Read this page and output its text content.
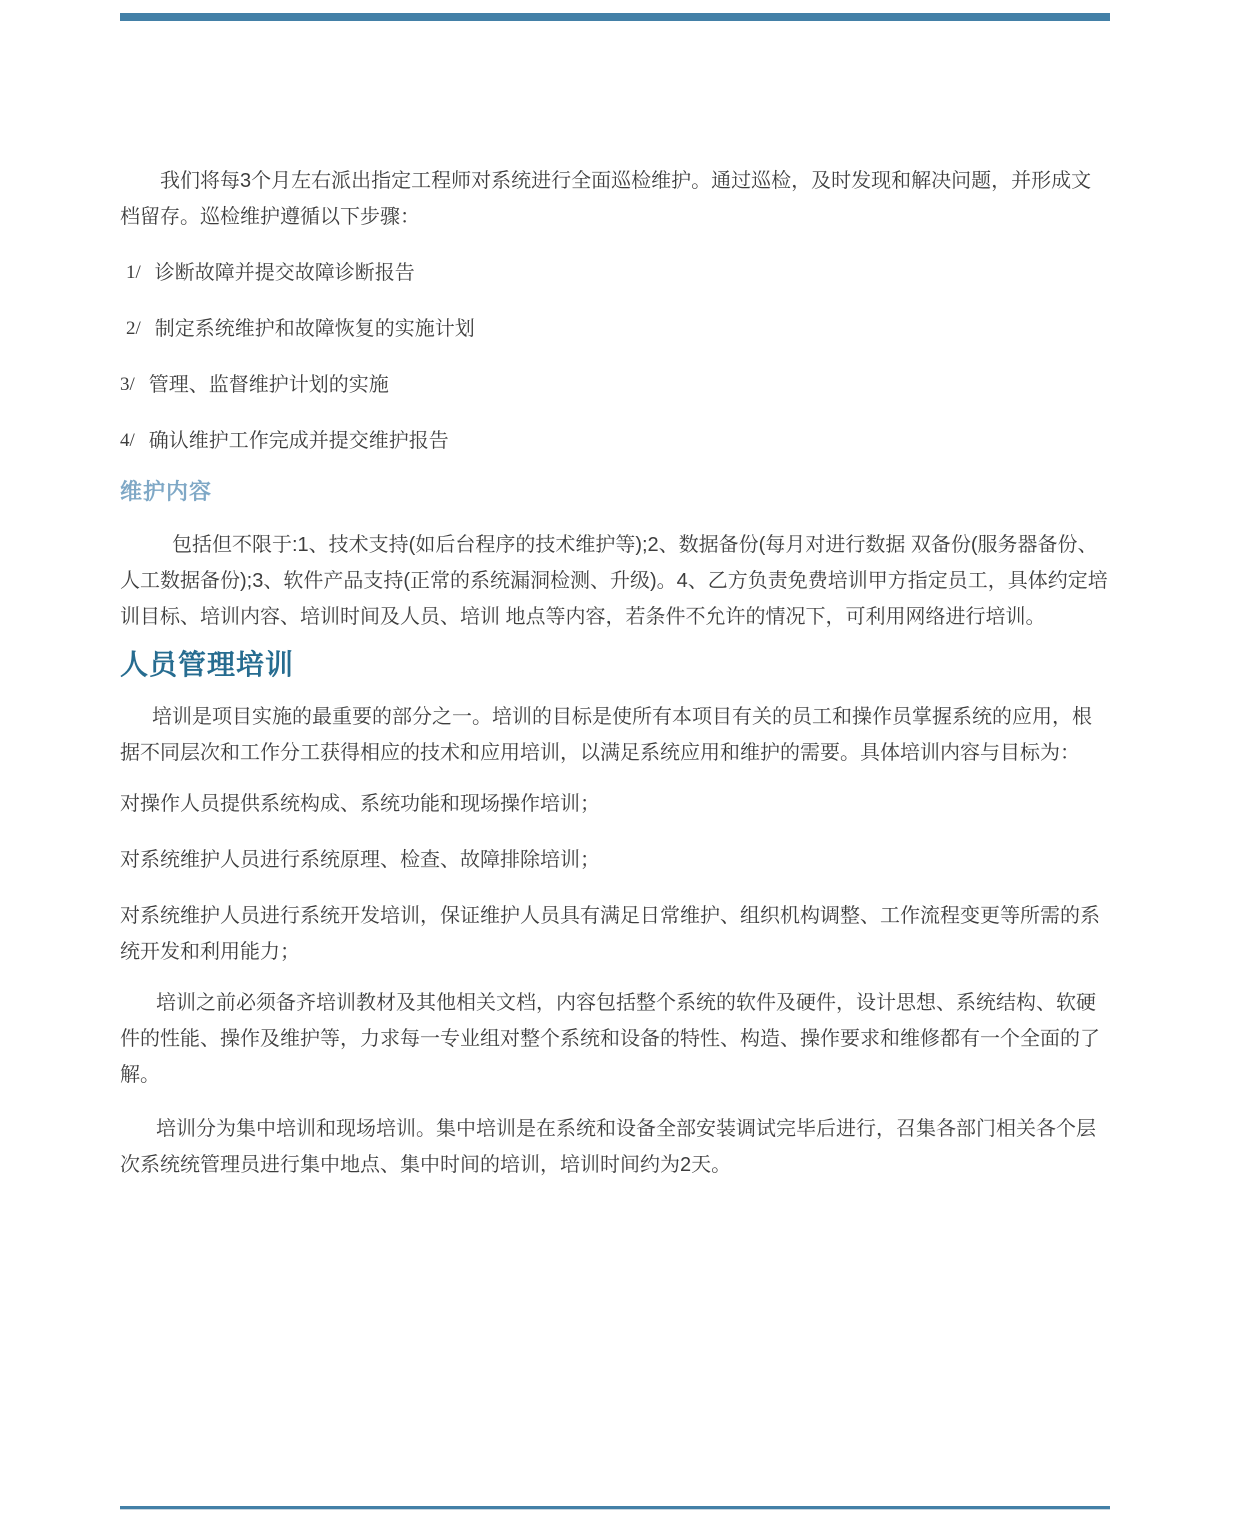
我们将每3个月左右派出指定工程师对系统进行全面巡检维护。通过巡检，及时发现和解决问题，并形成文档留存。巡检维护遵循以下步骤：

1/ 诊断故障并提交故障诊断报告
2/ 制定系统维护和故障恢复的实施计划
3/ 管理、监督维护计划的实施
4/ 确认维护工作完成并提交维护报告
维护内容

包括但不限于:1、技术支持(如后台程序的技术维护等);2、数据备份(每月对进行数据 双备份(服务器备份、人工数据备份);3、软件产品支持(正常的系统漏洞检测、升级)。4、乙方负责免费培训甲方指定员工，具体约定培训目标、培训内容、培训时间及人员、培训 地点等内容，若条件不允许的情况下，可利用网络进行培训。

人员管理培训

培训是项目实施的最重要的部分之一。培训的目标是使所有本项目有关的员工和操作员掌握系统的应用，根据不同层次和工作分工获得相应的技术和应用培训，以满足系统应用和维护的需要。具体培训内容与目标为：

对操作人员提供系统构成、系统功能和现场操作培训；

对系统维护人员进行系统原理、检查、故障排除培训；

对系统维护人员进行系统开发培训，保证维护人员具有满足日常维护、组织机构调整、工作流程变更等所需的系统开发和利用能力；

培训之前必须备齐培训教材及其他相关文档，内容包括整个系统的软件及硬件，设计思想、系统结构、软硬件的性能、操作及维护等，力求每一专业组对整个系统和设备的特性、构造、操作要求和维修都有一个全面的了解。

培训分为集中培训和现场培训。集中培训是在系统和设备全部安装调试完毕后进行，召集各部门相关各个层次系统统管理员进行集中地点、集中时间的培训，培训时间约为2天。
